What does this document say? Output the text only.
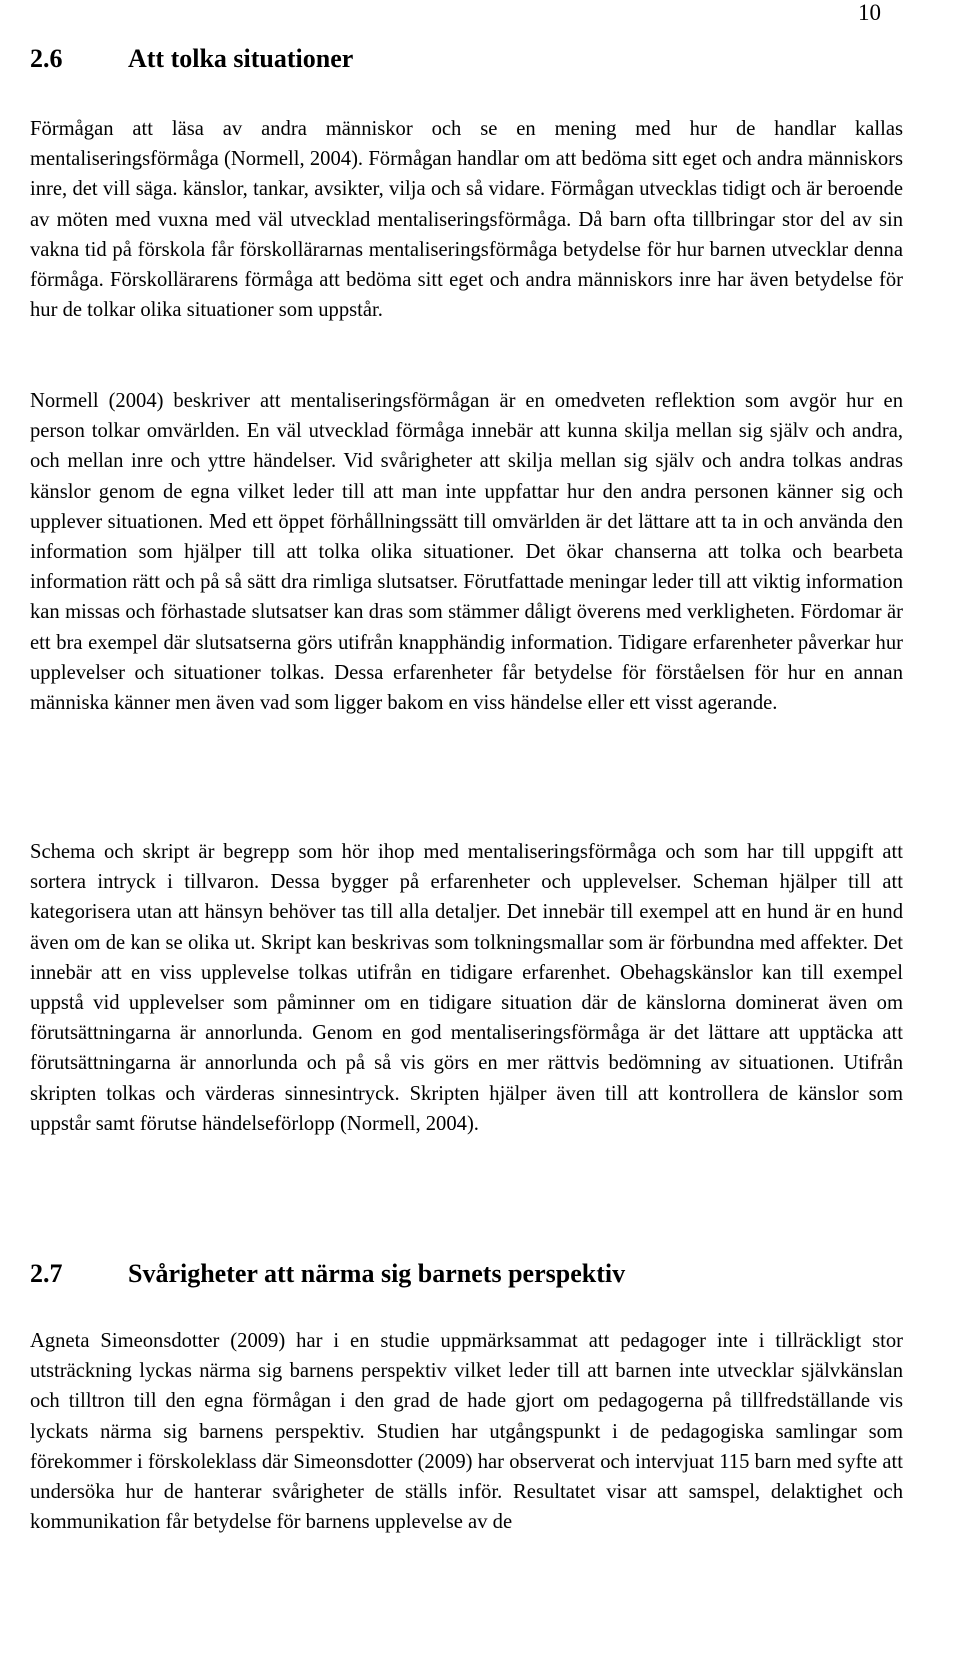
10
2.6	Att tolka situationer

Förmågan att läsa av andra människor och se en mening med hur de handlar kallas mentaliseringsförmåga (Normell, 2004). Förmågan handlar om att bedöma sitt eget och andra människors inre, det vill säga. känslor, tankar, avsikter, vilja och så vidare. Förmågan utvecklas tidigt och är beroende av möten med vuxna med väl utvecklad mentaliseringsförmåga. Då barn ofta tillbringar stor del av sin vakna tid på förskola får förskollärarnas mentaliseringsförmåga betydelse för hur barnen utvecklar denna förmåga. Förskollärarens förmåga att bedöma sitt eget och andra människors inre har även betydelse för hur de tolkar olika situationer som uppstår.

Normell (2004) beskriver att mentaliseringsförmågan är en omedveten reflektion som avgör hur en person tolkar omvärlden. En väl utvecklad förmåga innebär att kunna skilja mellan sig själv och andra, och mellan inre och yttre händelser. Vid svårigheter att skilja mellan sig själv och andra tolkas andras känslor genom de egna vilket leder till att man inte uppfattar hur den andra personen känner sig och upplever situationen. Med ett öppet förhållningssätt till omvärlden är det lättare att ta in och använda den information som hjälper till att tolka olika situationer. Det ökar chanserna att tolka och bearbeta information rätt och på så sätt dra rimliga slutsatser. Förutfattade meningar leder till att viktig information kan missas och förhastade slutsatser kan dras som stämmer dåligt överens med verkligheten. Fördomar är ett bra exempel där slutsatserna görs utifrån knapphändig information. Tidigare erfarenheter påverkar hur upplevelser och situationer tolkas. Dessa erfarenheter får betydelse för förståelsen för hur en annan människa känner men även vad som ligger bakom en viss händelse eller ett visst agerande.

Schema och skript är begrepp som hör ihop med mentaliseringsförmåga och som har till uppgift att sortera intryck i tillvaron. Dessa bygger på erfarenheter och upplevelser. Scheman hjälper till att kategorisera utan att hänsyn behöver tas till alla detaljer. Det innebär till exempel att en hund är en hund även om de kan se olika ut. Skript kan beskrivas som tolkningsmallar som är förbundna med affekter. Det innebär att en viss upplevelse tolkas utifrån en tidigare erfarenhet. Obehagskänslor kan till exempel uppstå vid upplevelser som påminner om en tidigare situation där de känslorna dominerat även om förutsättningarna är annorlunda. Genom en god mentaliseringsförmåga är det lättare att upptäcka att förutsättningarna är annorlunda och på så vis görs en mer rättvis bedömning av situationen. Utifrån skripten tolkas och värderas sinnesintryck. Skripten hjälper även till att kontrollera de känslor som uppstår samt förutse händelseförlopp (Normell, 2004).

2.7	Svårigheter att närma sig barnets perspektiv

Agneta Simeonsdotter (2009) har i en studie uppmärksammat att pedagoger inte i tillräckligt stor utsträckning lyckas närma sig barnens perspektiv vilket leder till att barnen inte utvecklar självkänslan och tilltron till den egna förmågan i den grad de hade gjort om pedagogerna på tillfredställande vis lyckats närma sig barnens perspektiv. Studien har utgångspunkt i de pedagogiska samlingar som förekommer i förskoleklass där Simeonsdotter (2009) har observerat och intervjuat 115 barn med syfte att undersöka hur de hanterar svårigheter de ställs inför. Resultatet visar att samspel, delaktighet och kommunikation får betydelse för barnens upplevelse av de
